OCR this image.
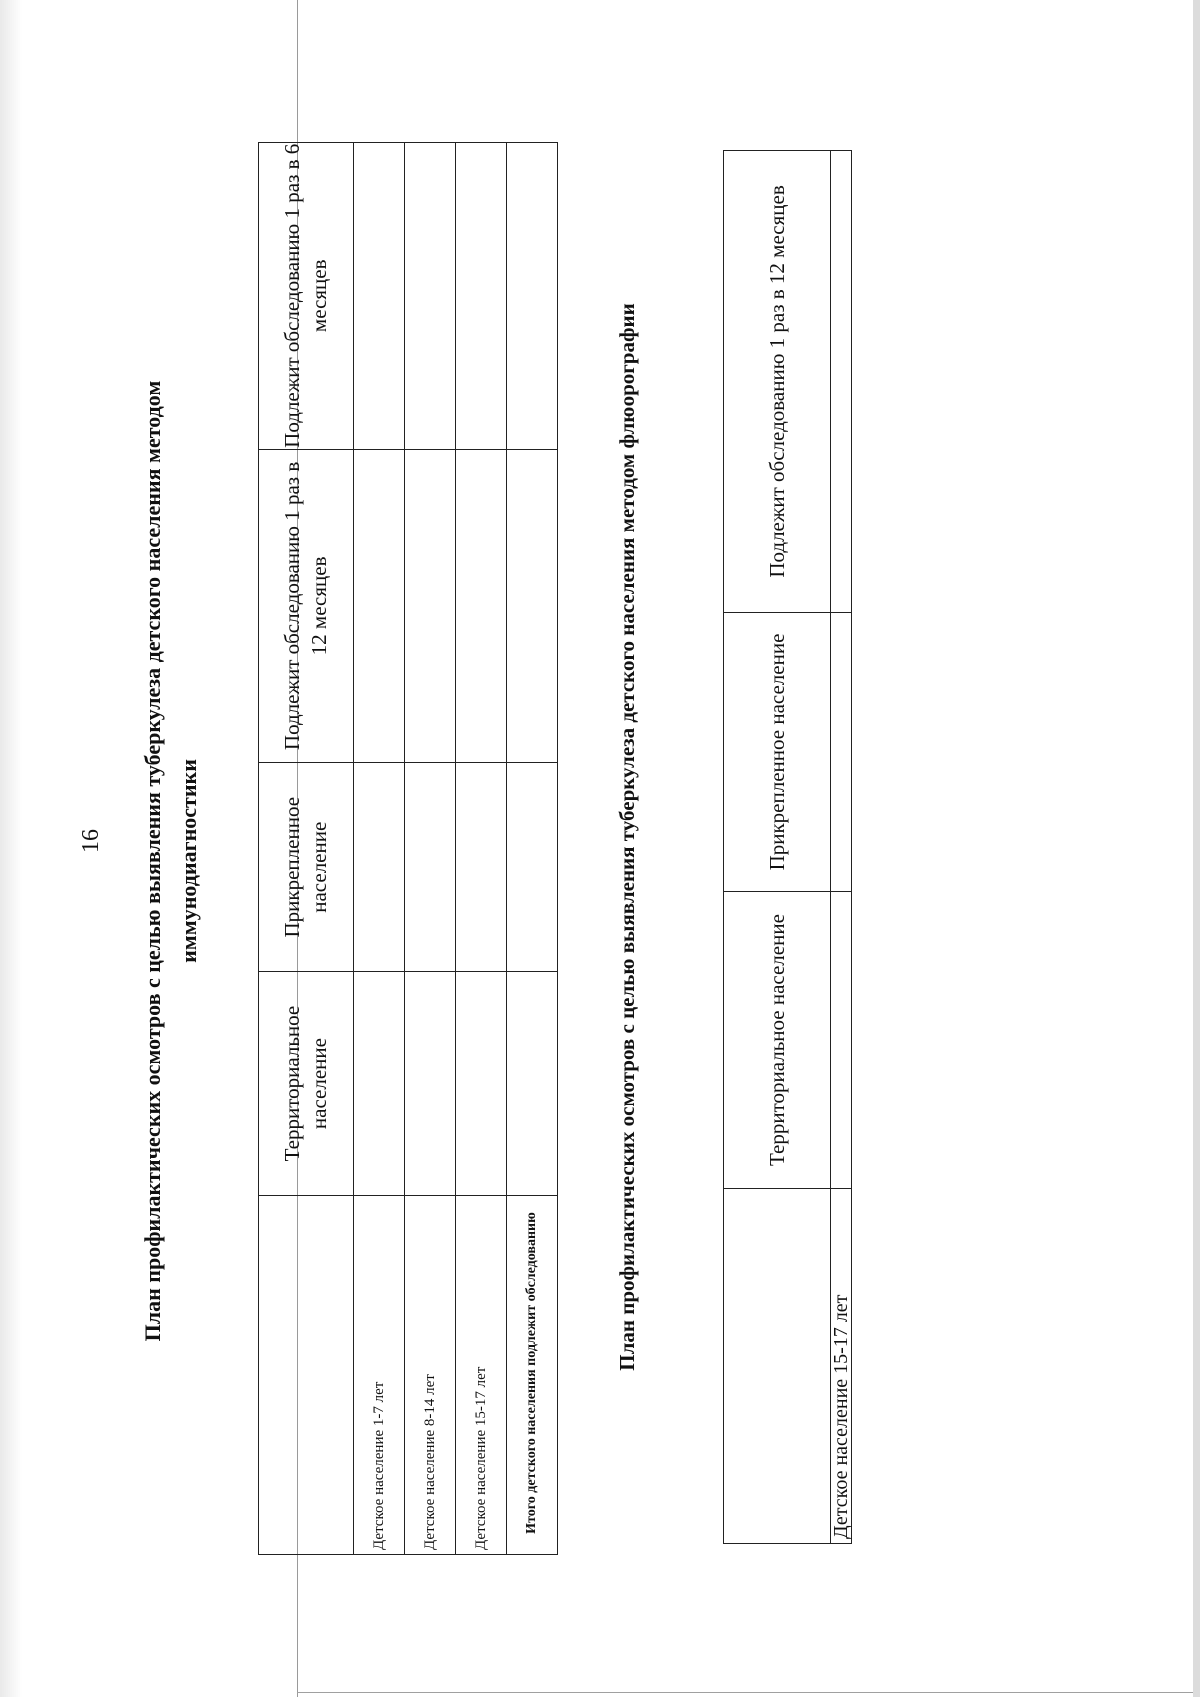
16 План профилактических осмотров с целью выявления туберкулеза детского населения методом иммунодиагностики
	Территориальное население	Прикрепленное население	Подлежит обследованию 1 раз в 12 месяцев	Подлежит обследованию 1 раз в 6 месяцев
Детское население 1-7 лет				
Детское население 8-14 лет				
Детское население 15-17 лет				
Итого детского населения подлежит обследованию				
План профилактических осмотров с целью выявления туберкулеза детского населения методом флюорографии
		Территориальное население	Прикрепленное население	Подлежит обследованию 1 раз в 12 месяцев
Детское население 15-17 лет			
